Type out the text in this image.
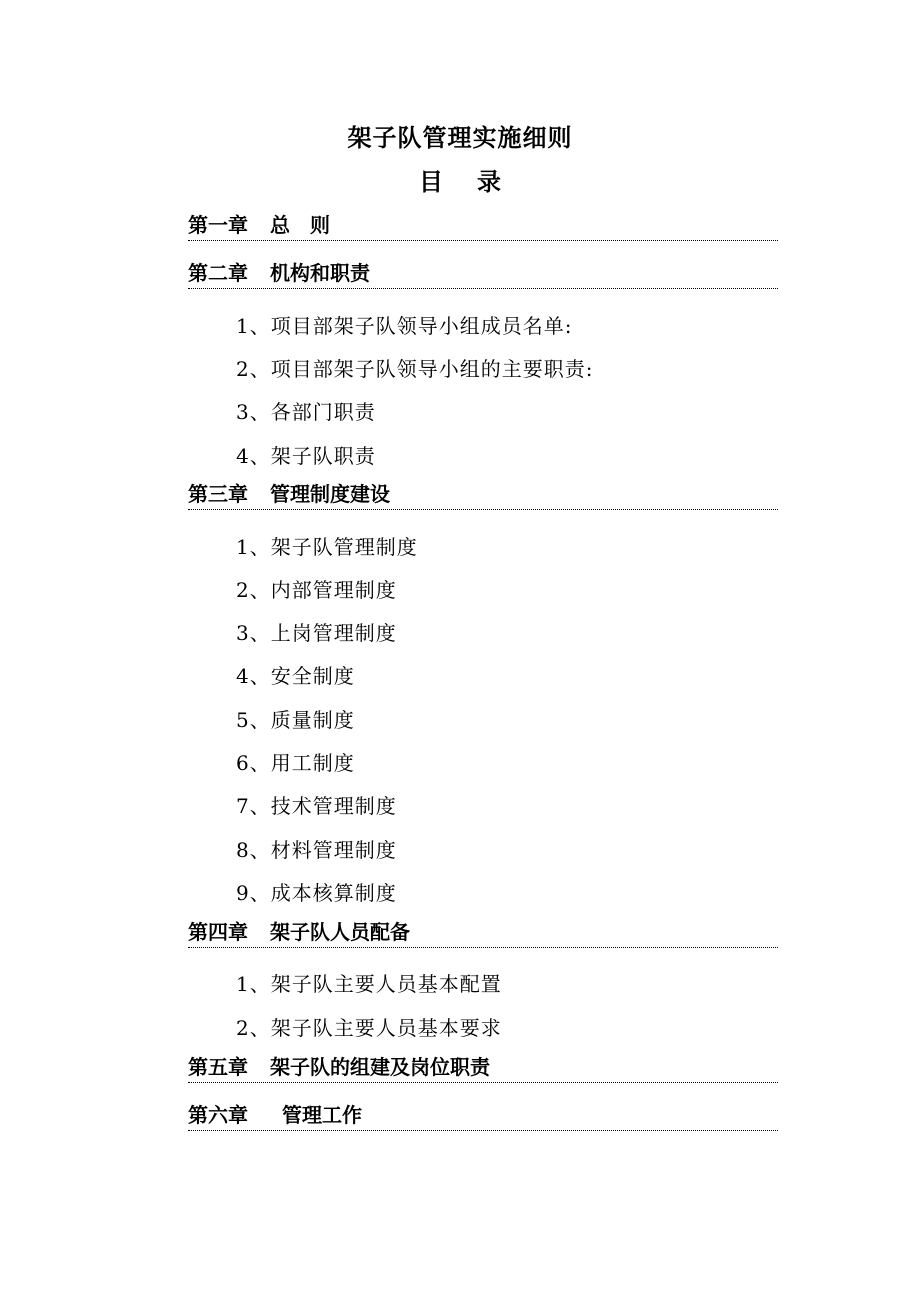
架子队管理实施细则
目 录
第一章 总　则
第二章 机构和职责
1、项目部架子队领导小组成员名单:
2、项目部架子队领导小组的主要职责:
3、各部门职责
4、架子队职责
第三章 管理制度建设
1、架子队管理制度
2、内部管理制度
3、上岗管理制度
4、安全制度
5、质量制度
6、用工制度
7、技术管理制度
8、材料管理制度
9、成本核算制度
第四章 架子队人员配备
1、架子队主要人员基本配置
2、架子队主要人员基本要求
第五章 架子队的组建及岗位职责
第六章 管理工作
